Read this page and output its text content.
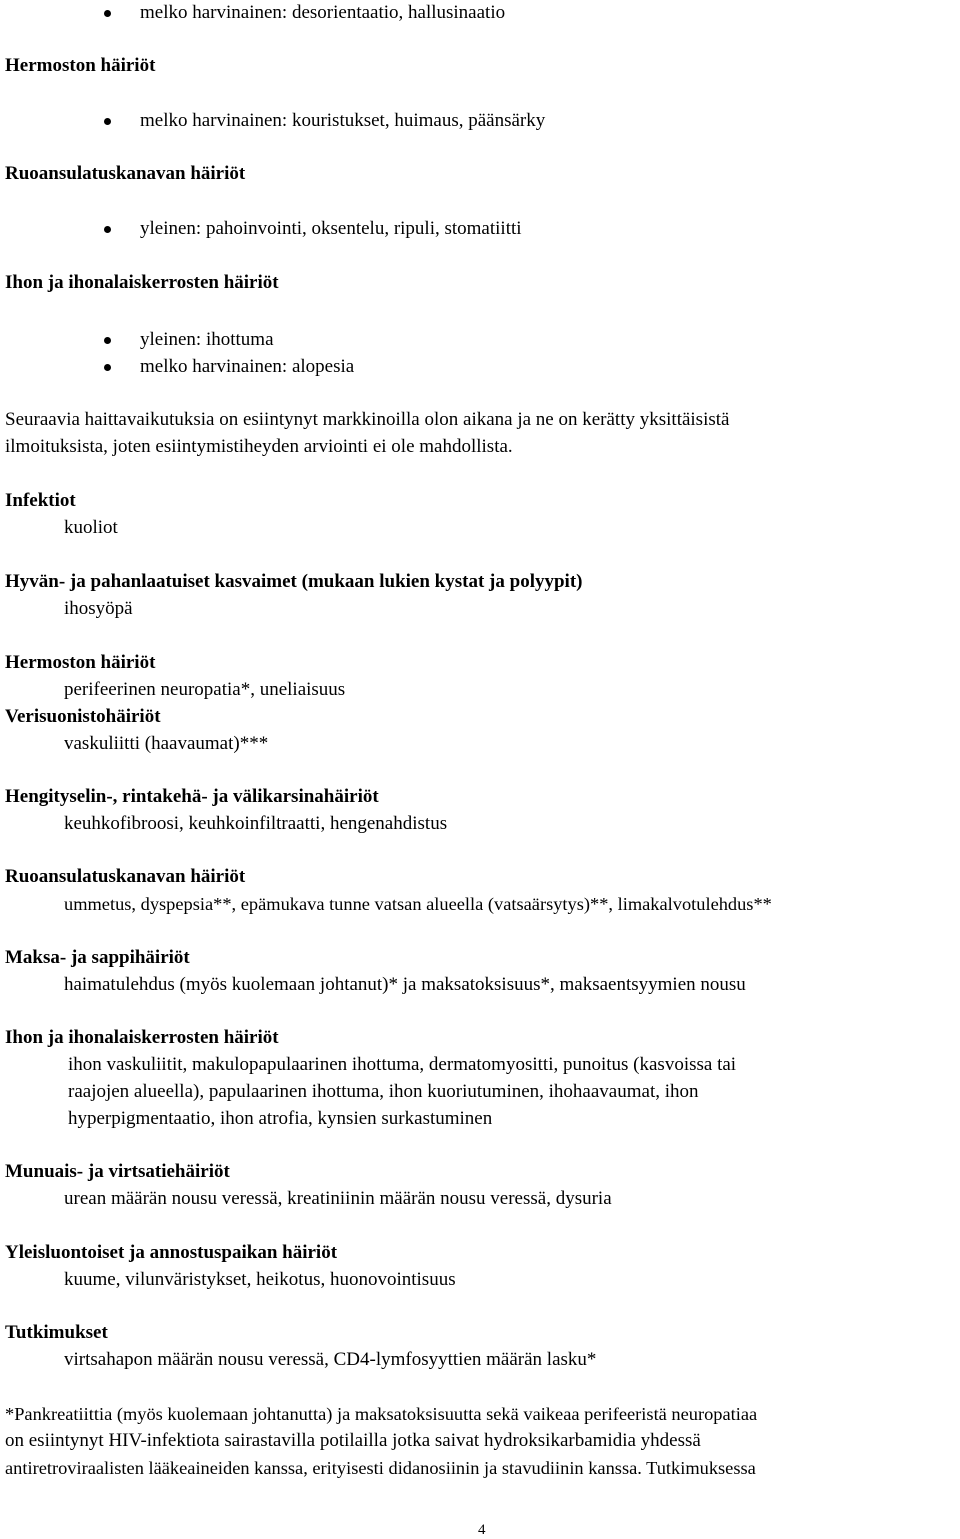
melko harvinainen: desorientaatio, hallusinaatio
Hermoston häiriöt
melko harvinainen: kouristukset, huimaus, päänsärky
Ruoansulatuskanavan häiriöt
yleinen: pahoinvointi, oksentelu, ripuli, stomatiitti
Ihon ja ihonalaiskerrosten häiriöt
yleinen: ihottuma
melko harvinainen: alopesia
Seuraavia haittavaikutuksia on esiintynyt markkinoilla olon aikana ja ne on kerätty yksittäisistä
ilmoituksista, joten esiintymistiheyden arviointi ei ole mahdollista.
Infektiot
kuoliot
Hyvän- ja pahanlaatuiset kasvaimet (mukaan lukien kystat ja polyypit)
ihosyöpä
Hermoston häiriöt
perifeerinen neuropatia*, uneliaisuus
Verisuonistohäiriöt
vaskuliitti (haavaumat)***
Hengityselin-, rintakehä- ja välikarsinahäiriöt
keuhkofibroosi, keuhkoinfiltraatti, hengenahdistus
Ruoansulatuskanavan häiriöt
ummetus, dyspepsia**, epämukava tunne vatsan alueella (vatsaärsytys)**, limakalvotulehdus**
Maksa- ja sappihäiriöt
haimatulehdus (myös kuolemaan johtanut)* ja maksatoksisuus*, maksaentsyymien nousu
Ihon ja ihonalaiskerrosten häiriöt
ihon vaskuliitit, makulopapulaarinen ihottuma, dermatomyositti, punoitus (kasvoissa tai
raajojen alueella), papulaarinen ihottuma, ihon kuoriutuminen, ihohaavaumat, ihon
hyperpigmentaatio, ihon atrofia, kynsien surkastuminen
Munuais- ja virtsatiehäiriöt
urean määrän nousu veressä, kreatiniinin määrän nousu veressä, dysuria
Yleisluontoiset ja annostuspaikan häiriöt
kuume, vilunväristykset, heikotus, huonovointisuus
Tutkimukset
virtsahapon määrän nousu veressä, CD4-lymfosyyttien määrän lasku*
*Pankreatiittia (myös kuolemaan johtanutta) ja maksatoksisuutta sekä vaikeaa perifeeristä neuropatiaa
on esiintynyt HIV-infektiota sairastavilla potilailla jotka saivat hydroksikarbamidia yhdessä
antiretroviraalisten lääkeaineiden kanssa, erityisesti didanosiinin ja stavudiinin kanssa. Tutkimuksessa
4
